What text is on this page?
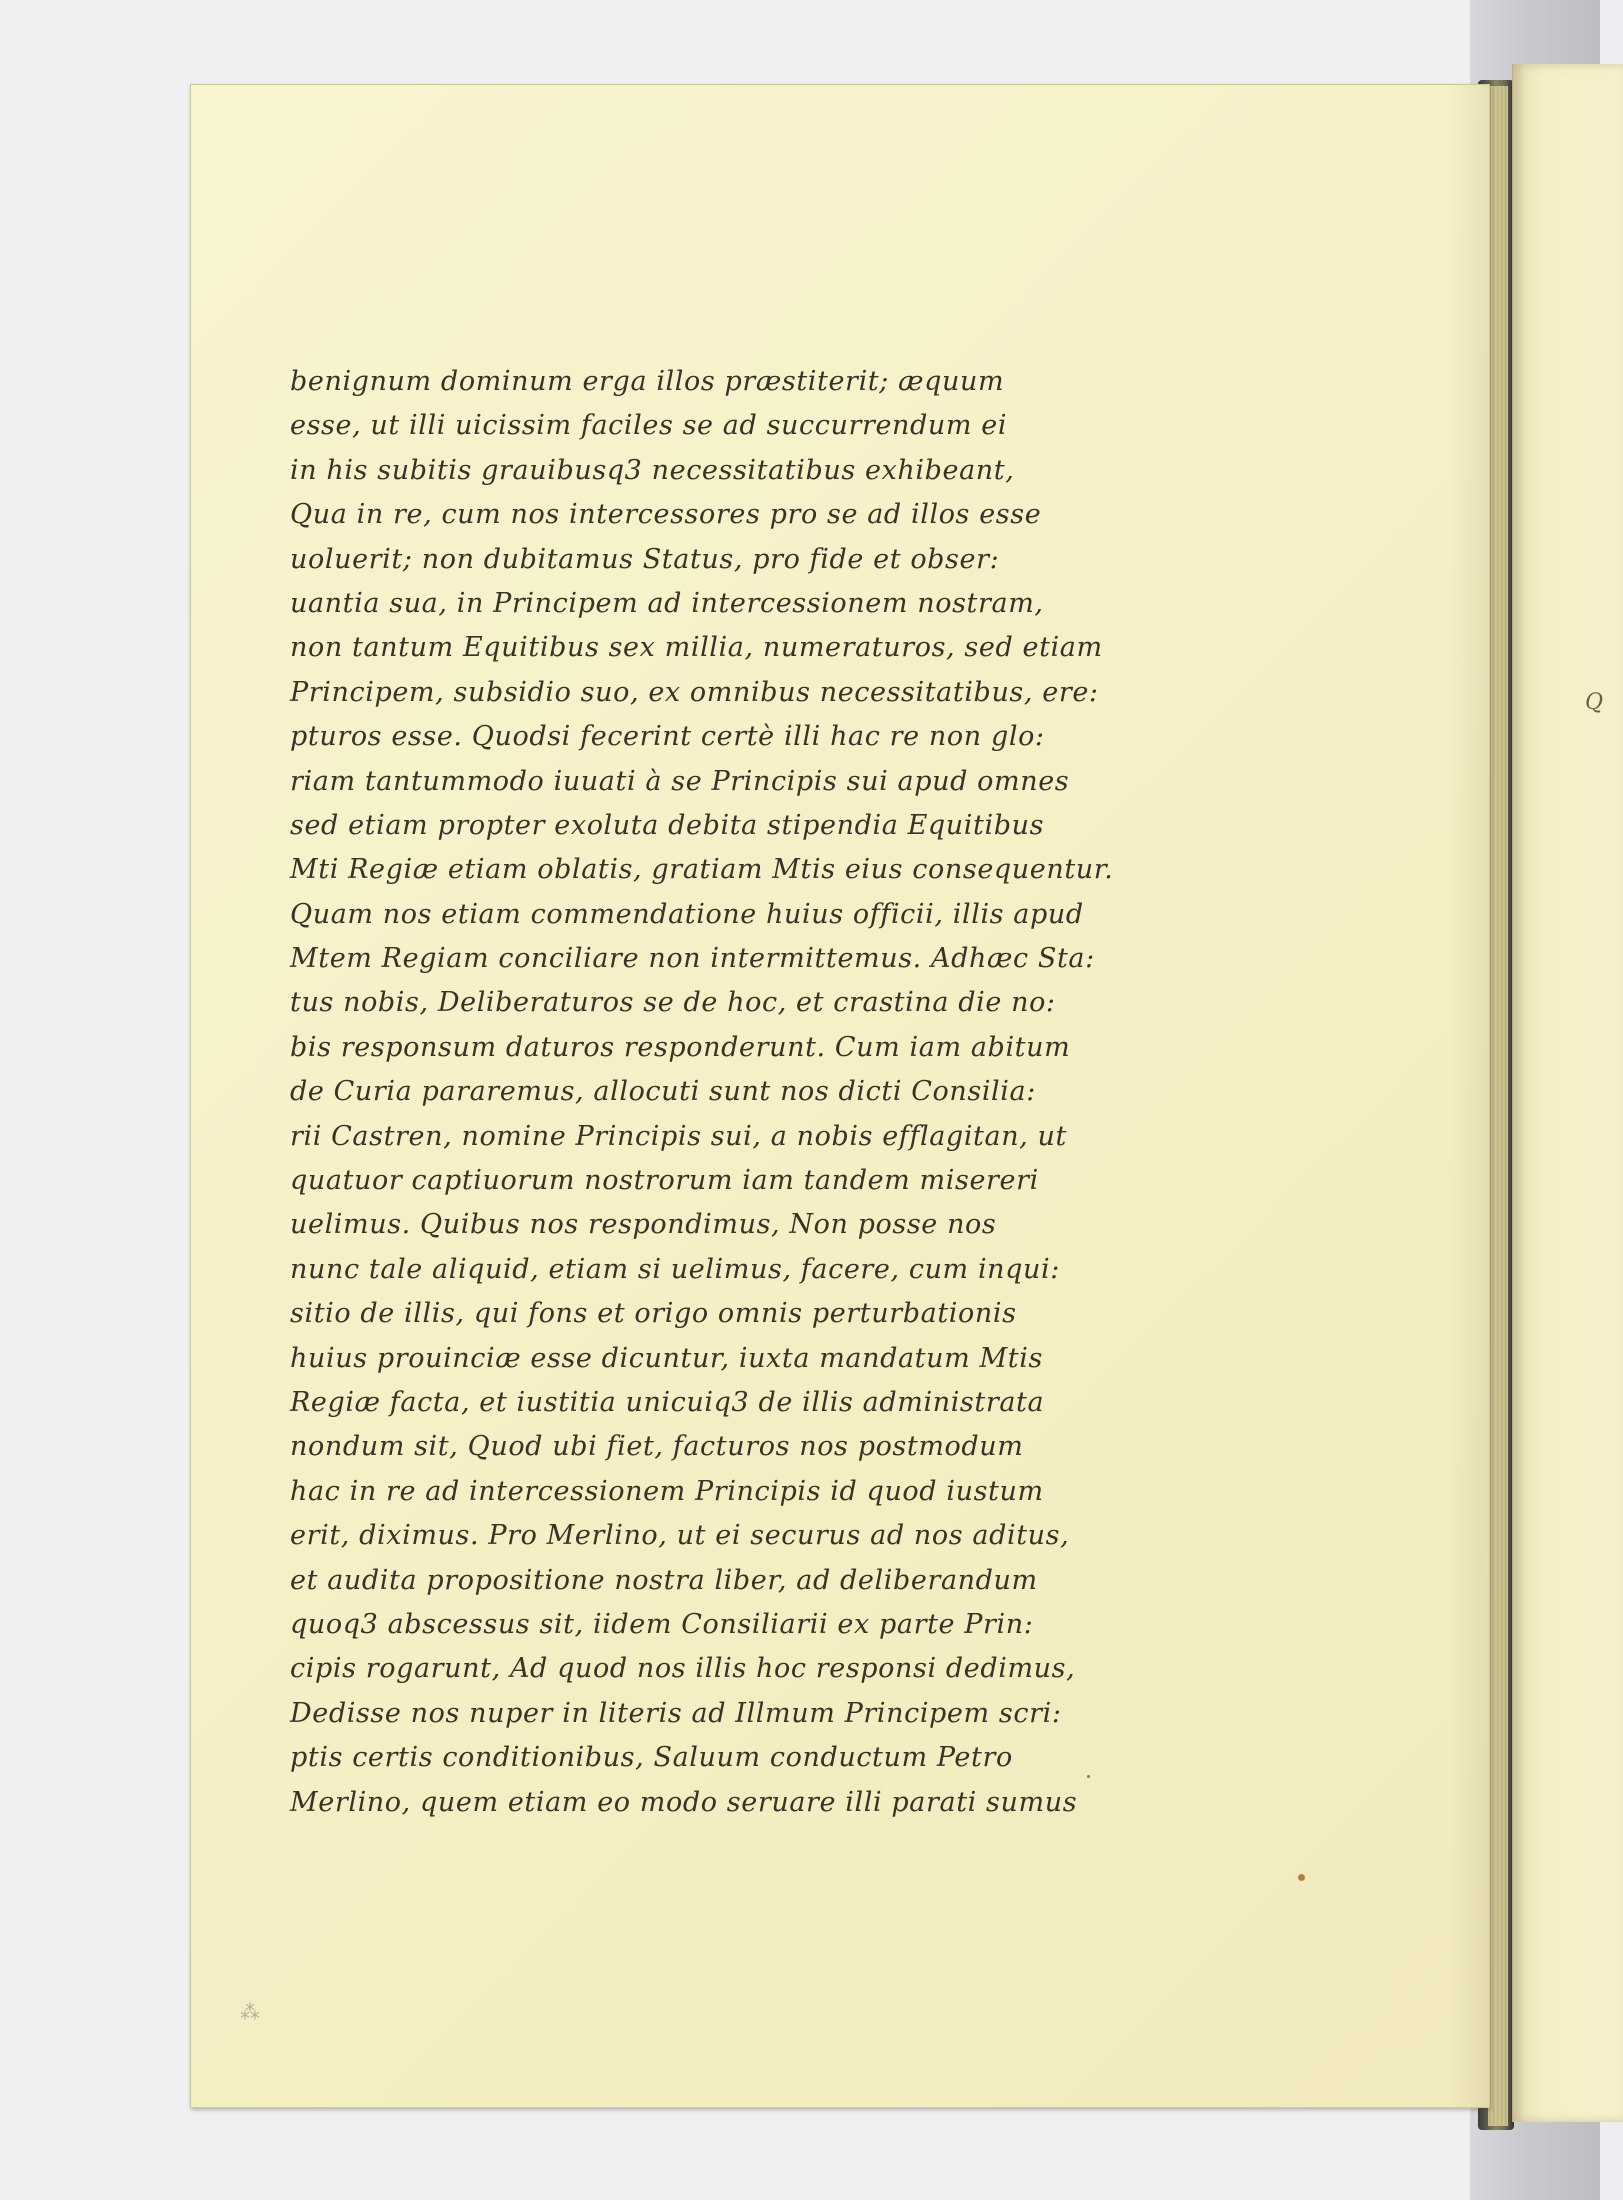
Q
benignum dominum erga illos præstiterit; æquum
esse, ut illi uicissim faciles se ad succurrendum ei
in his subitis grauibusq3 necessitatibus exhibeant,
Qua in re, cum nos intercessores pro se ad illos esse
uoluerit; non dubitamus Status, pro fide et obser:
uantia sua, in Principem ad intercessionem nostram,
non tantum Equitibus sex millia, numeraturos, sed etiam
Principem, subsidio suo, ex omnibus necessitatibus, ere:
pturos esse. Quodsi fecerint certè illi hac re non glo:
riam tantummodo iuuati à se Principis sui apud omnes
sed etiam propter exoluta debita stipendia Equitibus
Mti Regiæ etiam oblatis, gratiam Mtis eius consequentur.
Quam nos etiam commendatione huius officii, illis apud
Mtem Regiam conciliare non intermittemus. Adhæc Sta:
tus nobis, Deliberaturos se de hoc, et crastina die no:
bis responsum daturos responderunt. Cum iam abitum
de Curia pararemus, allocuti sunt nos dicti Consilia:
rii Castren, nomine Principis sui, a nobis efflagitan, ut
quatuor captiuorum nostrorum iam tandem misereri
uelimus. Quibus nos respondimus, Non posse nos
nunc tale aliquid, etiam si uelimus, facere, cum inqui:
sitio de illis, qui fons et origo omnis perturbationis
huius prouinciæ esse dicuntur, iuxta mandatum Mtis
Regiæ facta, et iustitia unicuiq3 de illis administrata
nondum sit, Quod ubi fiet, facturos nos postmodum
hac in re ad intercessionem Principis id quod iustum
erit, diximus. Pro Merlino, ut ei securus ad nos aditus,
et audita propositione nostra liber, ad deliberandum
quoq3 abscessus sit, iidem Consiliarii ex parte Prin:
cipis rogarunt, Ad quod nos illis hoc responsi dedimus,
Dedisse nos nuper in literis ad Illmum Principem scri:
ptis certis conditionibus, Saluum conductum Petro
Merlino, quem etiam eo modo seruare illi parati sumus
⁂
